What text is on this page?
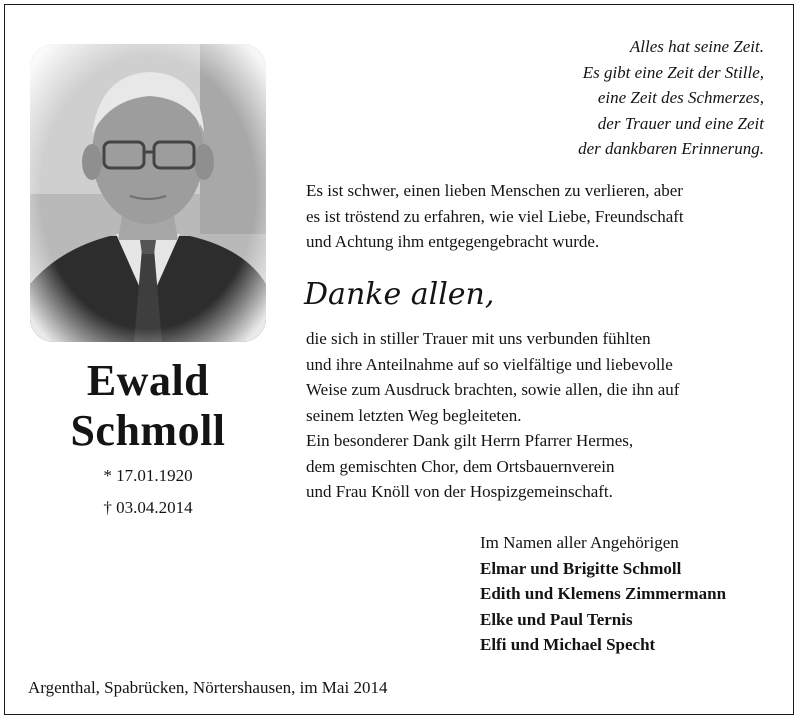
Ewald
Schmoll
* 17.01.1920
† 03.04.2014
Alles hat seine Zeit.
Es gibt eine Zeit der Stille,
eine Zeit des Schmerzes,
der Trauer und eine Zeit
der dankbaren Erinnerung.
Es ist schwer, einen lieben Menschen zu verlieren, aber
es ist tröstend zu erfahren, wie viel Liebe, Freundschaft
und Achtung ihm entgegengebracht wurde.
Danke allen,
die sich in stiller Trauer mit uns verbunden fühlten
und ihre Anteilnahme auf so vielfältige und liebevolle
Weise zum Ausdruck brachten, sowie allen, die ihn auf
seinem letzten Weg begleiteten.
Ein besonderer Dank gilt Herrn Pfarrer Hermes,
dem gemischten Chor, dem Ortsbauernverein
und Frau Knöll von der Hospizgemeinschaft.
Im Namen aller Angehörigen
Elmar und Brigitte Schmoll
Edith und Klemens Zimmermann
Elke und Paul Ternis
Elfi und Michael Specht
Argenthal, Spabrücken, Nörtershausen, im Mai 2014
